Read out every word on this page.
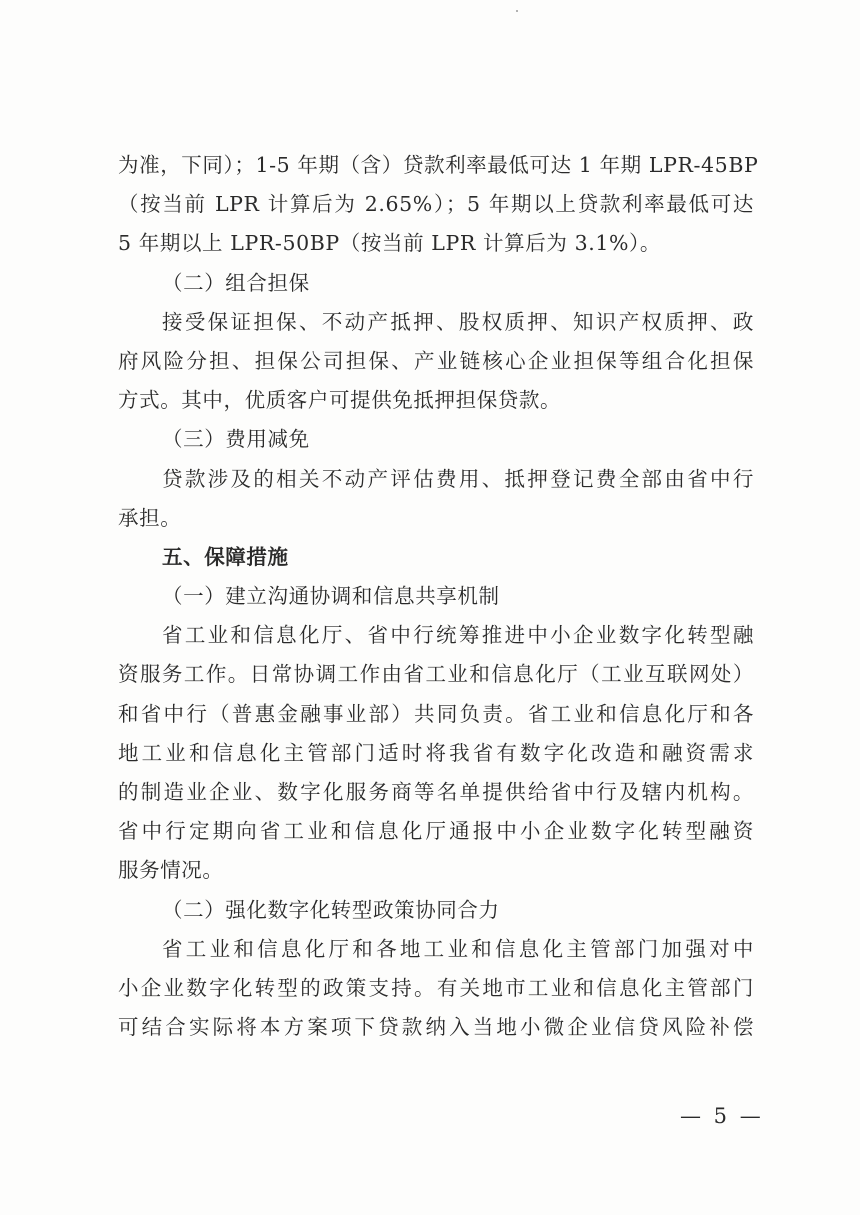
为准，下同）；1-5 年期（含）贷款利率最低可达 1 年期 LPR-45BP
（按当前 LPR 计算后为 2.65%）；5 年期以上贷款利率最低可达
5 年期以上 LPR-50BP（按当前 LPR 计算后为 3.1%）。
（二）组合担保
接受保证担保、不动产抵押、股权质押、知识产权质押、政
府风险分担、担保公司担保、产业链核心企业担保等组合化担保
方式。其中，优质客户可提供免抵押担保贷款。
（三）费用减免
贷款涉及的相关不动产评估费用、抵押登记费全部由省中行
承担。
五、保障措施
（一）建立沟通协调和信息共享机制
省工业和信息化厅、省中行统筹推进中小企业数字化转型融
资服务工作。日常协调工作由省工业和信息化厅（工业互联网处）
和省中行（普惠金融事业部）共同负责。省工业和信息化厅和各
地工业和信息化主管部门适时将我省有数字化改造和融资需求
的制造业企业、数字化服务商等名单提供给省中行及辖内机构。
省中行定期向省工业和信息化厅通报中小企业数字化转型融资
服务情况。
（二）强化数字化转型政策协同合力
省工业和信息化厅和各地工业和信息化主管部门加强对中
小企业数字化转型的政策支持。有关地市工业和信息化主管部门
可结合实际将本方案项下贷款纳入当地小微企业信贷风险补偿
— 5 —
